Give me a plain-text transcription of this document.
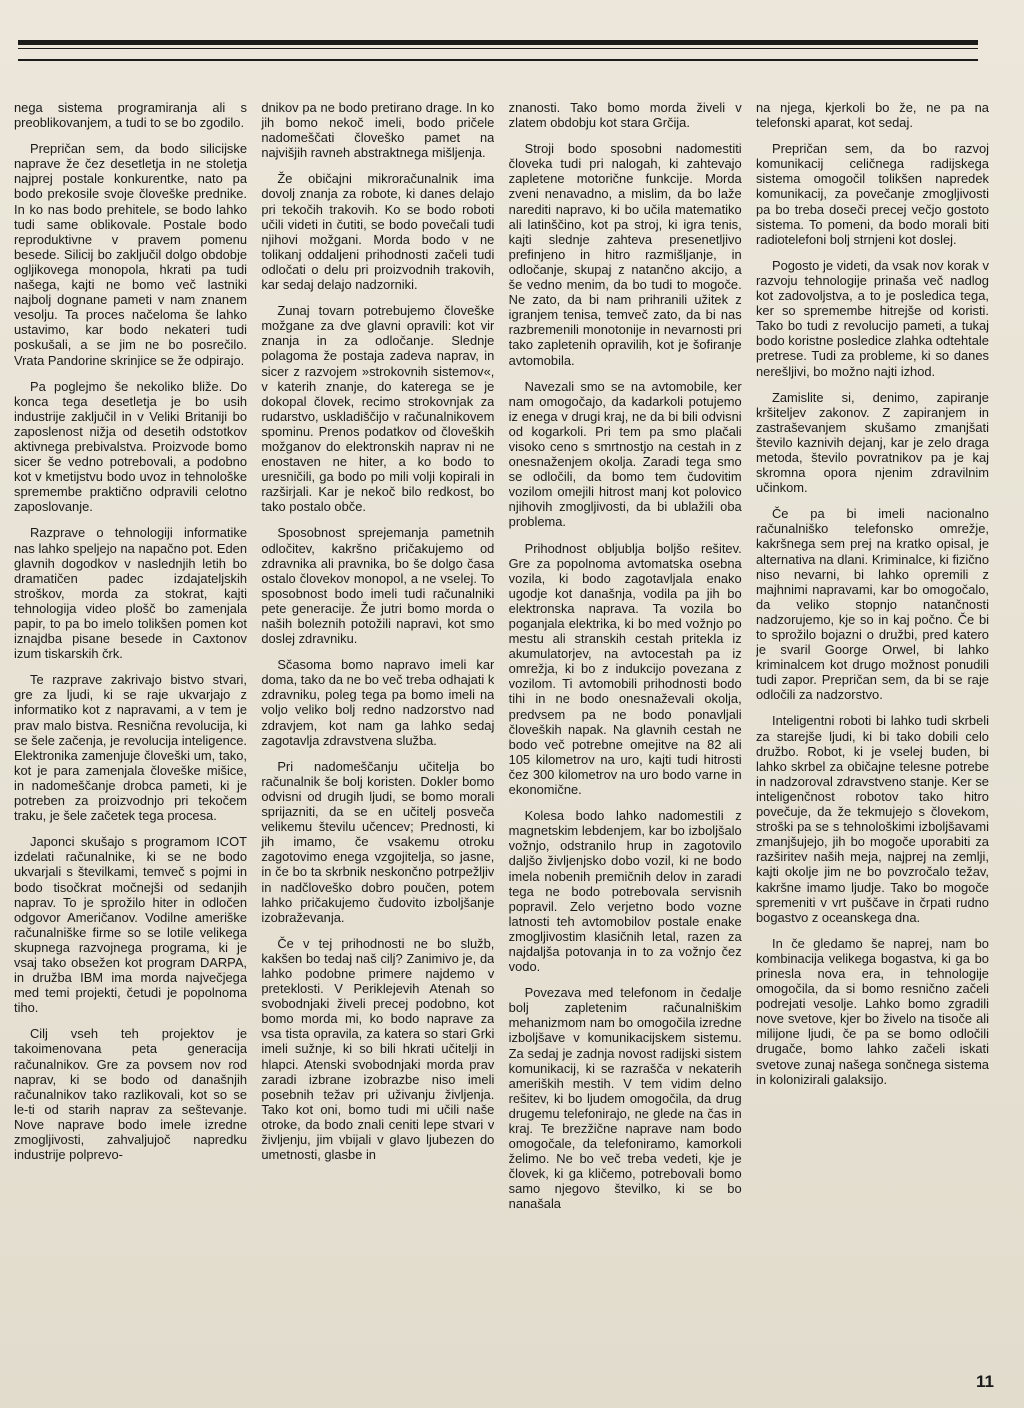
nega sistema programiranja ali s preoblikovanjem, a tudi to se bo zgodilo.

Prepričan sem, da bodo silicijske naprave že čez desetletja in ne stoletja najprej postale konkurentke, nato pa bodo prekosile svoje človeške prednike. In ko nas bodo prehitele, se bodo lahko tudi same oblikovale. Postale bodo reproduktivne v pravem pomenu besede. Silicij bo zaključil dolgo obdobje ogljikovega monopola, hkrati pa tudi našega, kajti ne bomo več lastniki najbolj dognane pameti v nam znanem vesolju. Ta proces načeloma še lahko ustavimo, kar bodo nekateri tudi poskušali, a se jim ne bo posrečilo. Vrata Pandorine skrinjice se že odpirajo.

Pa poglejmo še nekoliko bliže. Do konca tega desetletja je bo usih industrije zaključil in v Veliki Britaniji bo zaposlenost nižja od desetih odstotkov aktivnega prebivalstva. Proizvode bomo sicer še vedno potrebovali, a podobno kot v kmetijstvu bodo uvoz in tehnološke spremembe praktično odpravili celotno zaposlovanje.

Razprave o tehnologiji informatike nas lahko speljejo na napačno pot. Eden glavnih dogodkov v naslednjih letih bo dramatičen padec izdajateljskih stroškov, morda za stokrat, kajti tehnologija video plošč bo zamenjala papir, to pa bo imelo tolikšen pomen kot iznajdba pisane besede in Caxtonov izum tiskarskih črk.

Te razprave zakrivajo bistvo stvari, gre za ljudi, ki se raje ukvarjajo z informatiko kot z napravami, a v tem je prav malo bistva. Resnična revolucija, ki se šele začenja, je revolucija inteligence. Elektronika zamenjuje človeški um, tako, kot je para zamenjala človeške mišice, in nadomeščanje drobca pameti, ki je potreben za proizvodnjo pri tekočem traku, je šele začetek tega procesa.

Japonci skušajo s programom ICOT izdelati računalnike, ki se ne bodo ukvarjali s številkami, temveč s pojmi in bodo tisočkrat močnejši od sedanjih naprav. To je sprožilo hiter in odločen odgovor Američanov. Vodilne ameriške računalniške firme so se lotile velikega skupnega razvojnega programa, ki je vsaj tako obsežen kot program DARPA, in družba IBM ima morda največjega med temi projekti, četudi je popolnoma tiho.

Cilj vseh teh projektov je takoimenovana peta generacija računalnikov. Gre za povsem nov rod naprav, ki se bodo od današnjih računalnikov tako razlikovali, kot so se le-ti od starih naprav za seštevanje. Nove naprave bodo imele izredne zmogljivosti, zahvaljujoč napredku industrije polprevo-

dnikov pa ne bodo pretirano drage. In ko jih bomo nekoč imeli, bodo pričele nadomeščati človeško pamet na najvišjih ravneh abstraktnega mišljenja.

Že običajni mikroračunalnik ima dovolj znanja za robote, ki danes delajo pri tekočih trakovih. Ko se bodo roboti učili videti in čutiti, se bodo povečali tudi njihovi možgani. Morda bodo v ne tolikanj oddaljeni prihodnosti začeli tudi odločati o delu pri proizvodnih trakovih, kar sedaj delajo nadzorniki.

Zunaj tovarn potrebujemo človeške možgane za dve glavni opravili: kot vir znanja in za odločanje. Slednje polagoma že postaja zadeva naprav, in sicer z razvojem »strokovnih sistemov«, v katerih znanje, do katerega se je dokopal človek, recimo strokovnjak za rudarstvo, uskladiščijo v računalnikovem spominu. Prenos podatkov od človeških možganov do elektronskih naprav ni ne enostaven ne hiter, a ko bodo to uresničili, ga bodo po mili volji kopirali in razširjali. Kar je nekoč bilo redkost, bo tako postalo obče.

Sposobnost sprejemanja pametnih odločitev, kakršno pričakujemo od zdravnika ali pravnika, bo še dolgo časa ostalo človekov monopol, a ne vselej. To sposobnost bodo imeli tudi računalniki pete generacije. Že jutri bomo morda o naših boleznih potožili napravi, kot smo doslej zdravniku.

Sčasoma bomo napravo imeli kar doma, tako da ne bo več treba odhajati k zdravniku, poleg tega pa bomo imeli na voljo veliko bolj redno nadzorstvo nad zdravjem, kot nam ga lahko sedaj zagotavlja zdravstvena služba.

Pri nadomeščanju učitelja bo računalnik še bolj koristen. Dokler bomo odvisni od drugih ljudi, se bomo morali sprijazniti, da se en učitelj posveča velikemu številu učencev; Prednosti, ki jih imamo, če vsakemu otroku zagotovimo enega vzgojitelja, so jasne, in če bo ta skrbnik neskončno potrpežljiv in nadčloveško dobro poučen, potem lahko pričakujemo čudovito izboljšanje izobraževanja.

Če v tej prihodnosti ne bo služb, kakšen bo tedaj naš cilj? Zanimivo je, da lahko podobne primere najdemo v preteklosti. V Periklejevih Atenah so svobodnjaki živeli precej podobno, kot bomo morda mi, ko bodo naprave za vsa tista opravila, za katera so stari Grki imeli sužnje, ki so bili hkrati učitelji in hlapci. Atenski svobodnjaki morda prav zaradi izbrane izobrazbe niso imeli posebnih težav pri uživanju življenja. Tako kot oni, bomo tudi mi učili naše otroke, da bodo znali ceniti lepe stvari v življenju, jim vbijali v glavo ljubezen do umetnosti, glasbe in

znanosti. Tako bomo morda živeli v zlatem obdobju kot stara Grčija.

Stroji bodo sposobni nadomestiti človeka tudi pri nalogah, ki zahtevajo zapletene motorične funkcije. Morda zveni nenavadno, a mislim, da bo laže narediti napravo, ki bo učila matematiko ali latinščino, kot pa stroj, ki igra tenis, kajti slednje zahteva presenetljivo prefinjeno in hitro razmišljanje, in odločanje, skupaj z natančno akcijo, a še vedno menim, da bo tudi to mogoče. Ne zato, da bi nam prihranili užitek z igranjem tenisa, temveč zato, da bi nas razbremenili monotonije in nevarnosti pri tako zapletenih opravilih, kot je šofiranje avtomobila.

Navezali smo se na avtomobile, ker nam omogočajo, da kadarkoli potujemo iz enega v drugi kraj, ne da bi bili odvisni od kogarkoli. Pri tem pa smo plačali visoko ceno s smrtnostjo na cestah in z onesnaženjem okolja. Zaradi tega smo se odločili, da bomo tem čudovitim vozilom omejili hitrost manj kot polovico njihovih zmogljivosti, da bi ublažili oba problema.

Prihodnost obljublja boljšo rešitev. Gre za popolnoma avtomatska osebna vozila, ki bodo zagotavljala enako ugodje kot današnja, vodila pa jih bo elektronska naprava. Ta vozila bo poganjala elektrika, ki bo med vožnjo po mestu ali stranskih cestah pritekla iz akumulatorjev, na avtocestah pa iz omrežja, ki bo z indukcijo povezana z vozilom. Ti avtomobili prihodnosti bodo tihi in ne bodo onesnaževali okolja, predvsem pa ne bodo ponavljali človeških napak. Na glavnih cestah ne bodo več potrebne omejitve na 82 ali 105 kilometrov na uro, kajti tudi hitrosti čez 300 kilometrov na uro bodo varne in ekonomične.

Kolesa bodo lahko nadomestili z magnetskim lebdenjem, kar bo izboljšalo vožnjo, odstranilo hrup in zagotovilo daljšo življenjsko dobo vozil, ki ne bodo imela nobenih premičnih delov in zaradi tega ne bodo potrebovala servisnih popravil. Zelo verjetno bodo vozne latnosti teh avtomobilov postale enake zmogljivostim klasičnih letal, razen za najdaljša potovanja in to za vožnjo čez vodo.

Povezava med telefonom in čedalje bolj zapletenim računalniškim mehanizmom nam bo omogočila izredne izboljšave v komunikacijskem sistemu. Za sedaj je zadnja novost radijski sistem komunikacij, ki se razrašča v nekaterih ameriških mestih. V tem vidim delno rešitev, ki bo ljudem omogočila, da drug drugemu telefonirajo, ne glede na čas in kraj. Te brezžične naprave nam bodo omogočale, da telefoniramo, kamorkoli želimo. Ne bo več treba vedeti, kje je človek, ki ga kličemo, potrebovali bomo samo njegovo številko, ki se bo nanašala

na njega, kjerkoli bo že, ne pa na telefonski aparat, kot sedaj.

Prepričan sem, da bo razvoj komunikacij celičnega radijskega sistema omogočil tolikšen napredek komunikacij, za povečanje zmogljivosti pa bo treba doseči precej večjo gostoto sistema. To pomeni, da bodo morali biti radiotelefoni bolj strnjeni kot doslej.

Pogosto je videti, da vsak nov korak v razvoju tehnologije prinaša več nadlog kot zadovoljstva, a to je posledica tega, ker so spremembe hitrejše od koristi. Tako bo tudi z revolucijo pameti, a tukaj bodo koristne posledice zlahka odtehtale pretrese. Tudi za probleme, ki so danes nerešljivi, bo možno najti izhod.

Zamislite si, denimo, zapiranje kršiteljev zakonov. Z zapiranjem in zastraševanjem skušamo zmanjšati število kaznivih dejanj, kar je zelo draga metoda, število povratnikov pa je kaj skromna opora njenim zdravilnim učinkom.

Če pa bi imeli nacionalno računalniško telefonsko omrežje, kakršnega sem prej na kratko opisal, je alternativa na dlani. Kriminalce, ki fizično niso nevarni, bi lahko opremili z majhnimi napravami, kar bo omogočalo, da veliko stopnjo natančnosti nadzorujemo, kje so in kaj počno. Če bi to sprožilo bojazni o družbi, pred katero je svaril Goorge Orwel, bi lahko kriminalcem kot drugo možnost ponudili tudi zapor. Prepričan sem, da bi se raje odločili za nadzorstvo.

Inteligentni roboti bi lahko tudi skrbeli za starejše ljudi, ki bi tako dobili celo družbo. Robot, ki je vselej buden, bi lahko skrbel za običajne telesne potrebe in nadzoroval zdravstveno stanje. Ker se inteligenčnost robotov tako hitro povečuje, da že tekmujejo s človekom, stroški pa se s tehnološkimi izboljšavami zmanjšujejo, jih bo mogoče uporabiti za razširitev naših meja, najprej na zemlji, kajti okolje jim ne bo povzročalo težav, kakršne imamo ljudje. Tako bo mogoče spremeniti v vrt puščave in črpati rudno bogastvo z oceanskega dna.

In če gledamo še naprej, nam bo kombinacija velikega bogastva, ki ga bo prinesla nova era, in tehnologije omogočila, da si bomo resnično začeli podrejati vesolje. Lahko bomo zgradili nove svetove, kjer bo živelo na tisoče ali milijone ljudi, če pa se bomo odločili drugače, bomo lahko začeli iskati svetove zunaj našega sončnega sistema in kolonizirali galaksijo.

11
